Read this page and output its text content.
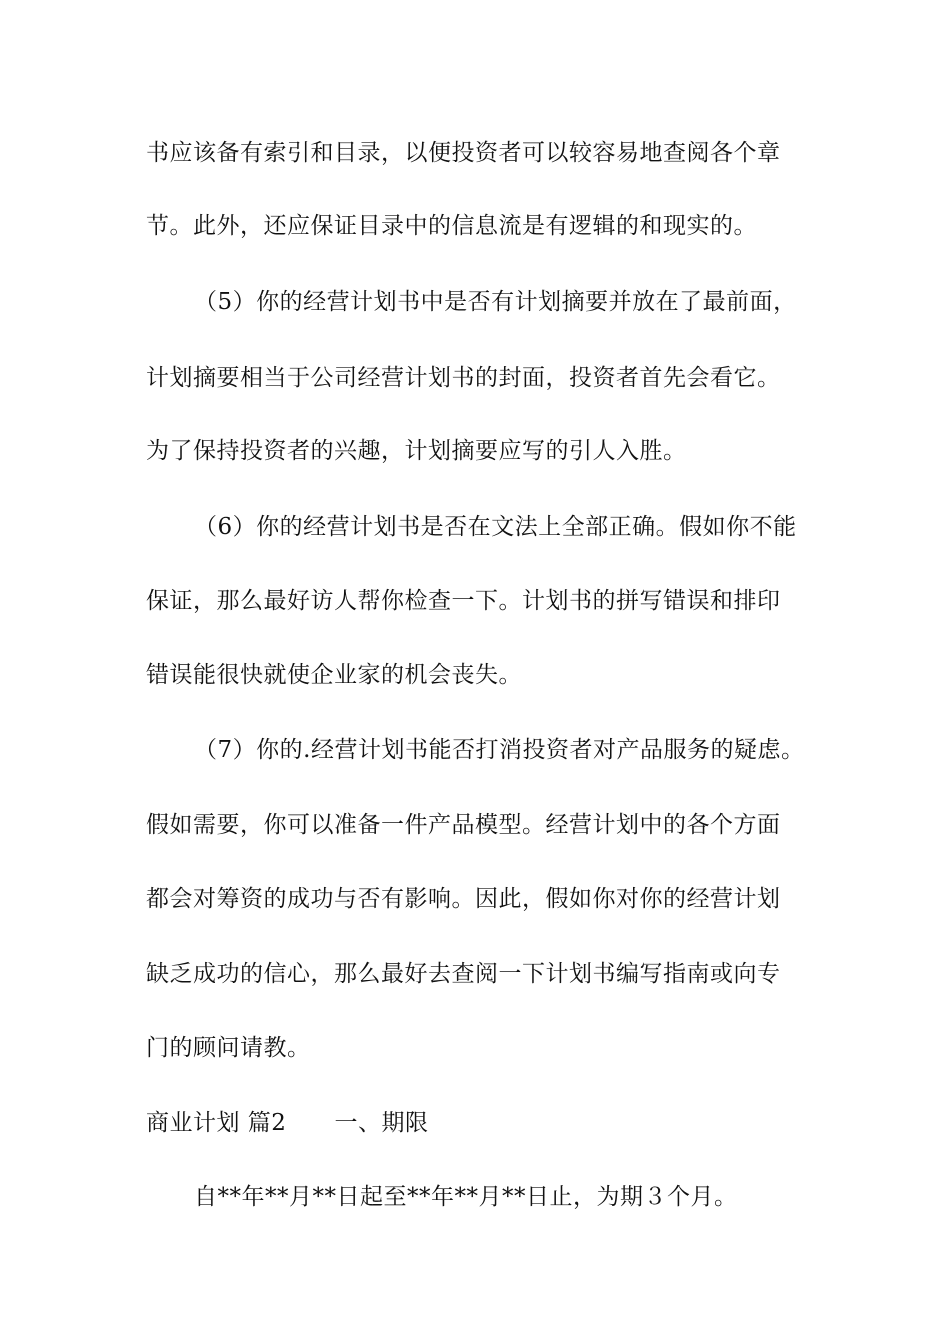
书应该备有索引和目录，以便投资者可以较容易地查阅各个章
节。此外，还应保证目录中的信息流是有逻辑的和现实的。
（5）你的经营计划书中是否有计划摘要并放在了最前面，
计划摘要相当于公司经营计划书的封面，投资者首先会看它。
为了保持投资者的兴趣，计划摘要应写的引人入胜。
（6）你的经营计划书是否在文法上全部正确。假如你不能
保证，那么最好访人帮你检查一下。计划书的拼写错误和排印
错误能很快就使企业家的机会丧失。
（7）你的.经营计划书能否打消投资者对产品服务的疑虑。
假如需要，你可以准备一件产品模型。经营计划中的各个方面
都会对筹资的成功与否有影响。因此，假如你对你的经营计划
缺乏成功的信心，那么最好去查阅一下计划书编写指南或向专
门的顾问请教。
商业计划 篇2 一、期限
自**年**月**日起至**年**月**日止，为期３个月。
